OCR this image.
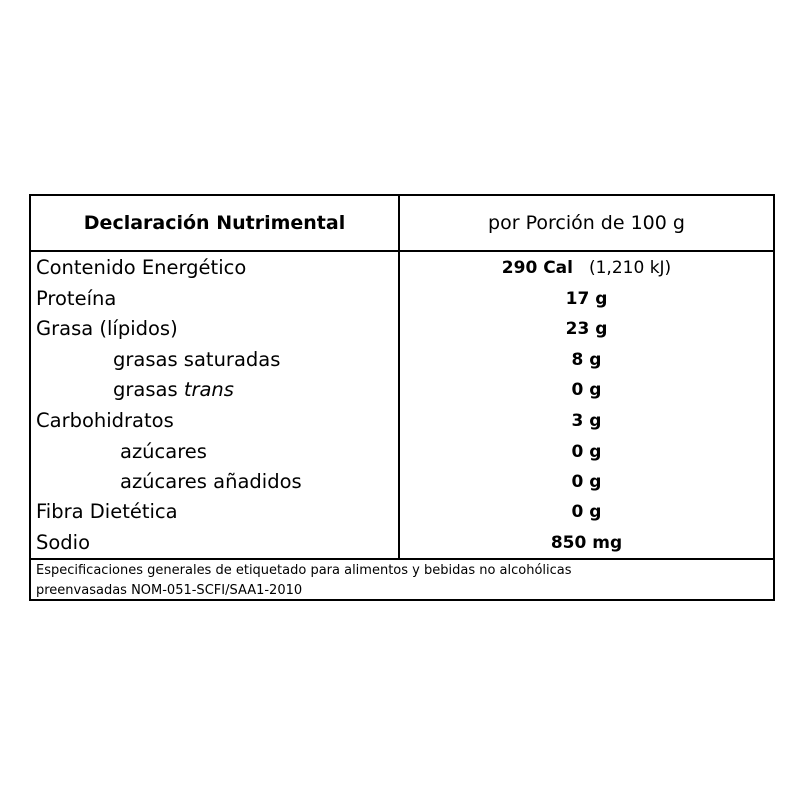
Declaración Nutrimental	por Porción de 100 g
Contenido Energético	290 Cal (1,210 kJ)
Proteína	17 g
Grasa (lípidos)	23 g
grasas saturadas	8 g
grasas trans	0 g
Carbohidratos	3 g
azúcares	0 g
azúcares añadidos	0 g
Fibra Dietética	0 g
Sodio	850 mg
Especificaciones generales de etiquetado para alimentos y bebidas no alcohólicas
preenvasadas NOM-051-SCFI/SAA1-2010
